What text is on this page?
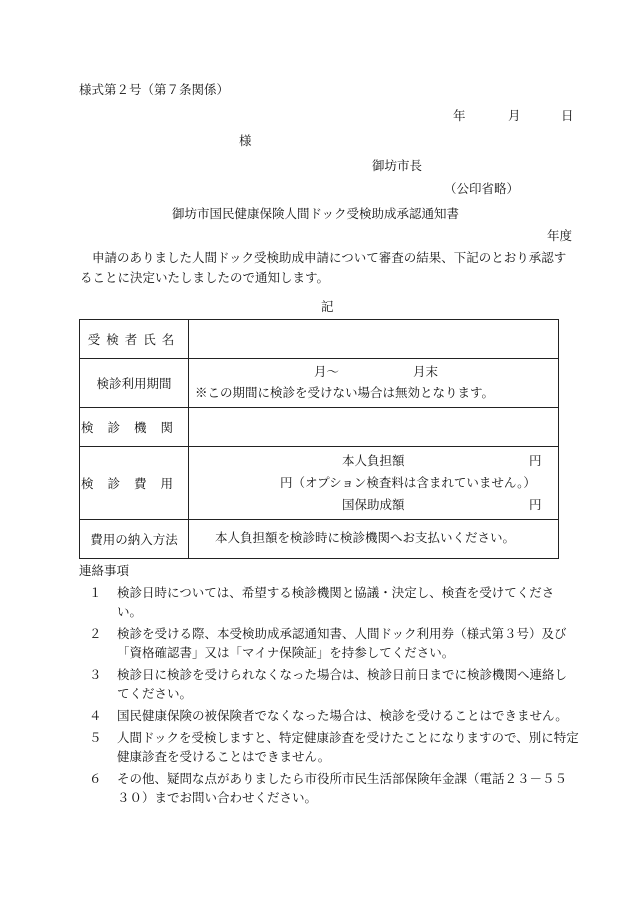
様式第２号（第７条関係）
年	月	日
様
御坊市長
（公印省略）
御坊市国民健康保険人間ドック受検助成承認通知書
年度

申請のありました人間ドック受検助成申請について審査の結果、下記のとおり承認することに決定いたしましたので通知します。

記
受検者氏名	
検診利用期間	月～ 月末
※この期間に検診を受けない場合は無効となります。

検診機関	
検診費用	本人負担額 円
円（オプション検査料は含まれていません。）
国保助成額 円

費用の納入方法	本人負担額を検診時に検診機関へお支払いください。
連絡事項
１	検診日時については、希望する検診機関と協議・決定し、検査を受けてください。
２	検診を受ける際、本受検助成承認通知書、人間ドック利用券（様式第３号）及び「資格確認書」又は「マイナ保険証」を持参してください。
３	検診日に検診を受けられなくなった場合は、検診日前日までに検診機関へ連絡してください。
４	国民健康保険の被保険者でなくなった場合は、検診を受けることはできません。
５	人間ドックを受検しますと、特定健康診査を受けたことになりますので、別に特定健康診査を受けることはできません。
６	その他、疑問な点がありましたら市役所市民生活部保険年金課（電話２３－５５３０）までお問い合わせください。
